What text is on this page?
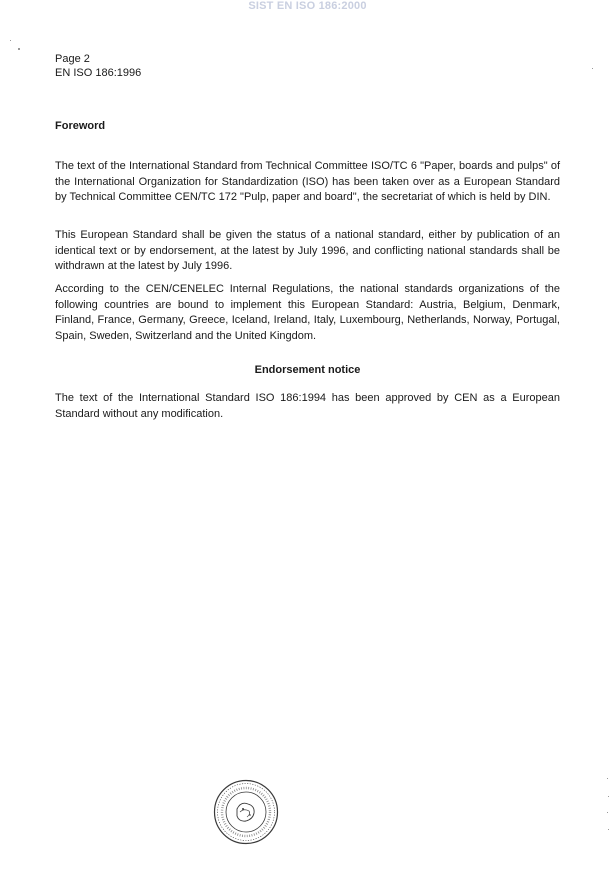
SIST EN ISO 186:2000
Page 2
EN ISO 186:1996
Foreword
The text of the International Standard from Technical Committee ISO/TC 6 "Paper, boards and pulps" of the International Organization for Standardization (ISO) has been taken over as a European Standard by Technical Committee CEN/TC 172 "Pulp, paper and board", the secretariat of which is held by DIN.
This European Standard shall be given the status of a national standard, either by publication of an identical text or by endorsement, at the latest by July 1996, and conflicting national standards shall be withdrawn at the latest by July 1996.
According to the CEN/CENELEC Internal Regulations, the national standards organizations of the following countries are bound to implement this European Standard: Austria, Belgium, Denmark, Finland, France, Germany, Greece, Iceland, Ireland, Italy, Luxembourg, Netherlands, Norway, Portugal, Spain, Sweden, Switzerland and the United Kingdom.
Endorsement notice
The text of the International Standard ISO 186:1994 has been approved by CEN as a European Standard without any modification.
